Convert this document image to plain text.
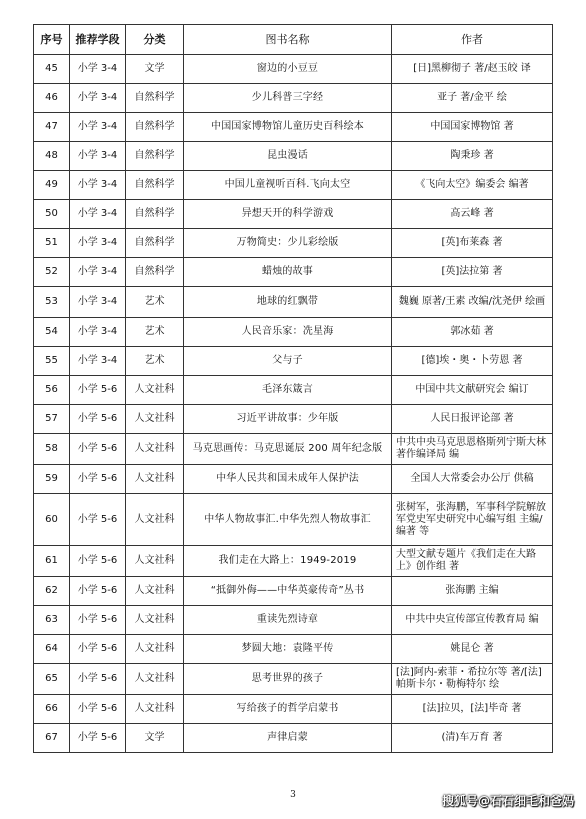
序号	推荐学段	分类	图书名称	作者
45	小学 3-4	文学	窗边的小豆豆	[日]黑柳彻子 著/赵玉皎 译
46	小学 3-4	自然科学	少儿科普三字经	亚子 著/金平 绘
47	小学 3-4	自然科学	中国国家博物馆儿童历史百科绘本	中国国家博物馆 著
48	小学 3-4	自然科学	昆虫漫话	陶秉珍 著
49	小学 3-4	自然科学	中国儿童视听百科.飞向太空	《飞向太空》编委会 编著
50	小学 3-4	自然科学	异想天开的科学游戏	高云峰 著
51	小学 3-4	自然科学	万物简史：少儿彩绘版	[英]布莱森 著
52	小学 3-4	自然科学	蜡烛的故事	[英]法拉第 著
53	小学 3-4	艺术	地球的红飘带	魏巍 原著/王素 改编/沈尧伊 绘画
54	小学 3-4	艺术	人民音乐家：冼星海	郭冰茹 著
55	小学 3-4	艺术	父与子	[德]埃・奥・卜劳恩 著
56	小学 5-6	人文社科	毛泽东箴言	中国中共文献研究会 编订
57	小学 5-6	人文社科	习近平讲故事：少年版	人民日报评论部 著
58	小学 5-6	人文社科	马克思画传：马克思诞辰 200 周年纪念版	中共中央马克思恩格斯列宁斯大林著作编译局 编
59	小学 5-6	人文社科	中华人民共和国未成年人保护法	全国人大常委会办公厅 供稿
60	小学 5-6	人文社科	中华人物故事汇.中华先烈人物故事汇	张树军，张海鹏，军事科学院解放军党史军史研究中心编写组 主编/编著 等
61	小学 5-6	人文社科	我们走在大路上：1949-2019	大型文献专题片《我们走在大路上》创作组 著
62	小学 5-6	人文社科	“抵御外侮——中华英豪传奇”丛书	张海鹏 主编
63	小学 5-6	人文社科	重读先烈诗章	中共中央宣传部宣传教育局 编
64	小学 5-6	人文社科	梦圆大地：袁隆平传	姚昆仑 著
65	小学 5-6	人文社科	思考世界的孩子	[法]阿内-索菲・希拉尔等 著/[法]帕斯卡尔・勒梅特尔 绘
66	小学 5-6	人文社科	写给孩子的哲学启蒙书	[法]拉贝，[法]毕奇 著
67	小学 5-6	文学	声律启蒙	(清)车万育 著
3	搜狐号@石石细毛和爸妈
